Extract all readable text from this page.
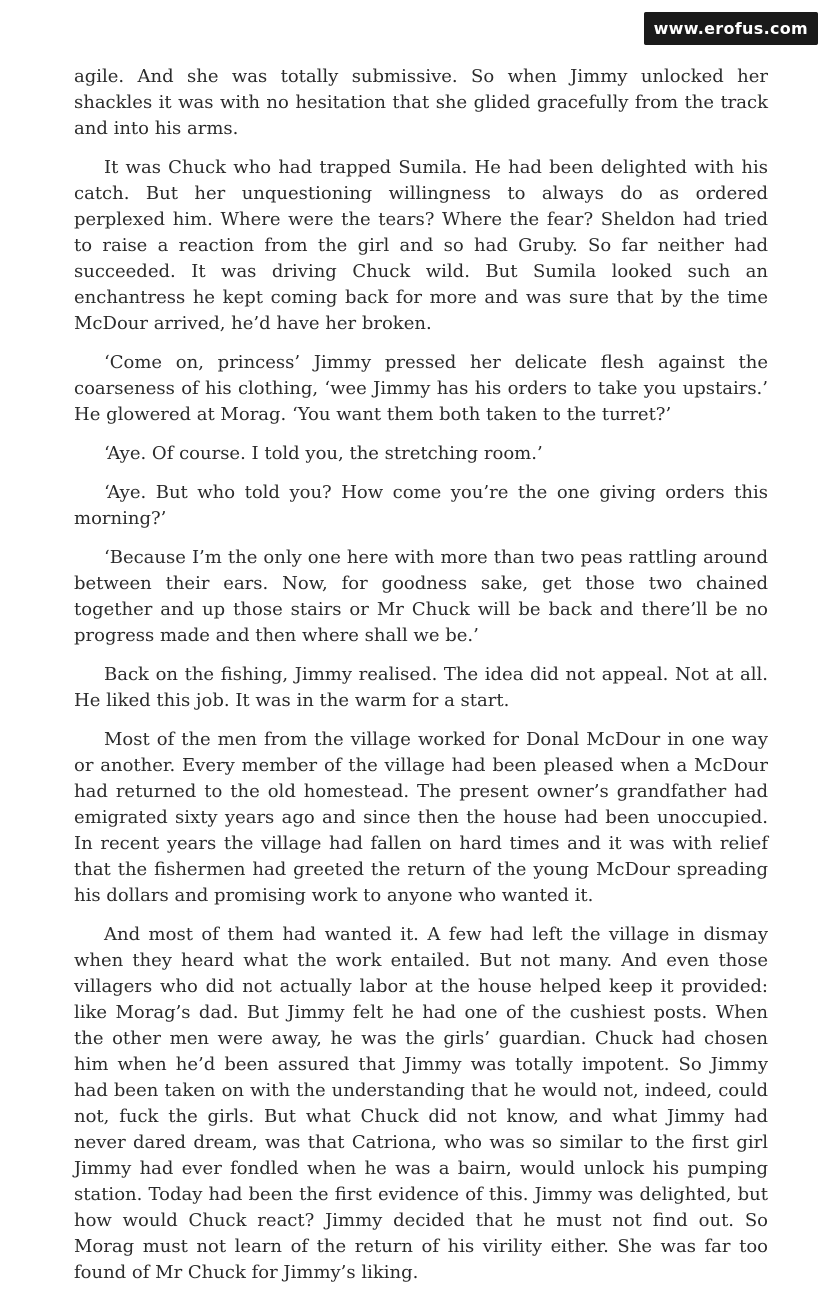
www.erofus.com

agile. And she was totally submissive. So when Jimmy unlocked her shackles it was with no hesitation that she glided gracefully from the track and into his arms.

It was Chuck who had trapped Sumila. He had been delighted with his catch. But her unquestioning willingness to always do as ordered perplexed him. Where were the tears? Where the fear? Sheldon had tried to raise a reaction from the girl and so had Gruby. So far neither had succeeded. It was driving Chuck wild. But Sumila looked such an enchantress he kept coming back for more and was sure that by the time McDour arrived, he’d have her broken.

‘Come on, princess’ Jimmy pressed her delicate flesh against the coarseness of his clothing, ‘wee Jimmy has his orders to take you upstairs.’ He glowered at Morag. ‘You want them both taken to the turret?’

‘Aye. Of course. I told you, the stretching room.’

‘Aye. But who told you? How come you’re the one giving orders this morning?’

‘Because I’m the only one here with more than two peas rattling around between their ears. Now, for goodness sake, get those two chained together and up those stairs or Mr Chuck will be back and there’ll be no progress made and then where shall we be.’

Back on the fishing, Jimmy realised. The idea did not appeal. Not at all. He liked this job. It was in the warm for a start.

Most of the men from the village worked for Donal McDour in one way or another. Every member of the village had been pleased when a McDour had returned to the old homestead. The present owner’s grandfather had emigrated sixty years ago and since then the house had been unoccupied. In recent years the village had fallen on hard times and it was with relief that the fishermen had greeted the return of the young McDour spreading his dollars and promising work to anyone who wanted it.

And most of them had wanted it. A few had left the village in dismay when they heard what the work entailed. But not many. And even those villagers who did not actually labor at the house helped keep it provided: like Morag’s dad. But Jimmy felt he had one of the cushiest posts. When the other men were away, he was the girls’ guardian. Chuck had chosen him when he’d been assured that Jimmy was totally impotent. So Jimmy had been taken on with the understanding that he would not, indeed, could not, fuck the girls. But what Chuck did not know, and what Jimmy had never dared dream, was that Catriona, who was so similar to the first girl Jimmy had ever fondled when he was a bairn, would unlock his pumping station. Today had been the first evidence of this. Jimmy was delighted, but how would Chuck react? Jimmy decided that he must not find out. So Morag must not learn of the return of his virility either. She was far too found of Mr Chuck for Jimmy’s liking.
